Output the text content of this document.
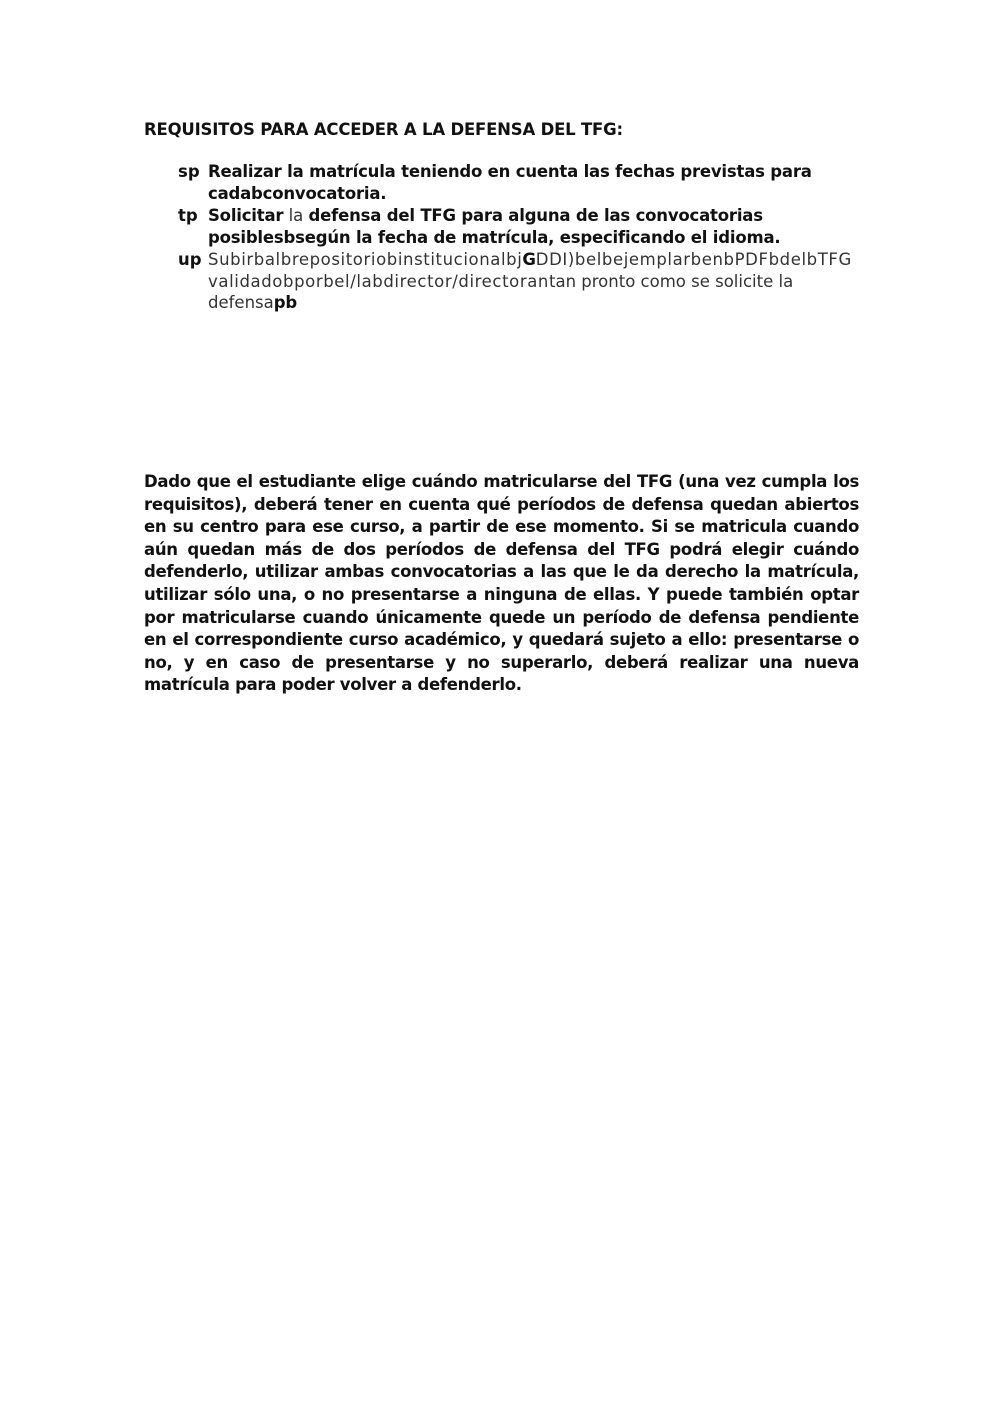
REQUISITOS PARA ACCEDER A LA DEFENSA DEL TFG:
sp Realizar la matrícula teniendo en cuenta las fechas previstas para cadabconvocatoria.
tp Solicitar la defensa del TFG para alguna de las convocatorias posiblesbsegún la fecha de matrícula, especificando el idioma.
up SubirbalbrepositoriobinstitucionalbjGDDI)belbejemplarbenbPDFbdelbTFG validadobporbel/labdirector/directorantan pronto como se solicite la defensapb

Dado que el estudiante elige cuándo matricularse del TFG (una vez cumpla los requisitos), deberá tener en cuenta qué períodos de defensa quedan abiertos en su centro para ese curso, a partir de ese momento. Si se matricula cuando aún quedan más de dos períodos de defensa del TFG podrá elegir cuándo defenderlo, utilizar ambas convocatorias a las que le da derecho la matrícula, utilizar sólo una, o no presentarse a ninguna de ellas. Y puede también optar por matricularse cuando únicamente quede un período de defensa pendiente en el correspondiente curso académico, y quedará sujeto a ello: presentarse o no, y en caso de presentarse y no superarlo, deberá realizar una nueva matrícula para poder volver a defenderlo.
